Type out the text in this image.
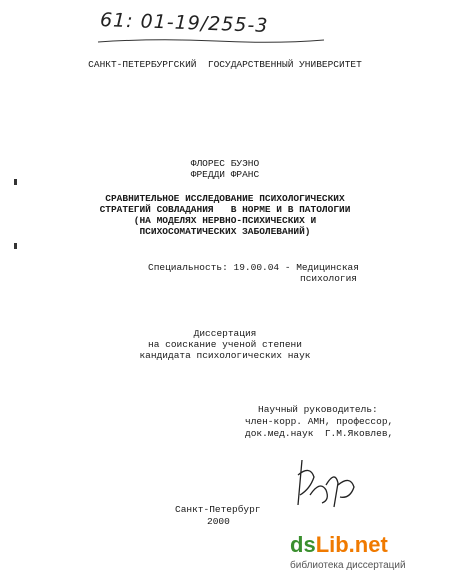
61: 01-19/255-3
САНКТ-ПЕТЕРБУРГСКИЙ  ГОСУДАРСТВЕННЫЙ УНИВЕРСИТЕТ
ФЛОРЕС БУЭНО
ФРЕДДИ ФРАНС
СРАВНИТЕЛЬНОЕ ИССЛЕДОВАНИЕ ПСИХОЛОГИЧЕСКИХ
СТРАТЕГИЙ СОВЛАДАНИЯ   В НОРМЕ И В ПАТОЛОГИИ
(НА МОДЕЛЯХ НЕРВНО-ПСИХИЧЕСКИХ И
ПСИХОСОМАТИЧЕСКИХ ЗАБОЛЕВАНИЙ)
Специальность: 19.00.04 - Медицинская
психология
Диссертация
на соискание ученой степени
кандидата психологических наук
Научный руководитель:
член-корр. АМН, профессор,
док.мед.наук  Г.М.Яковлев,
Санкт-Петербург
2000
dsLib.net
библиотека диссертаций
